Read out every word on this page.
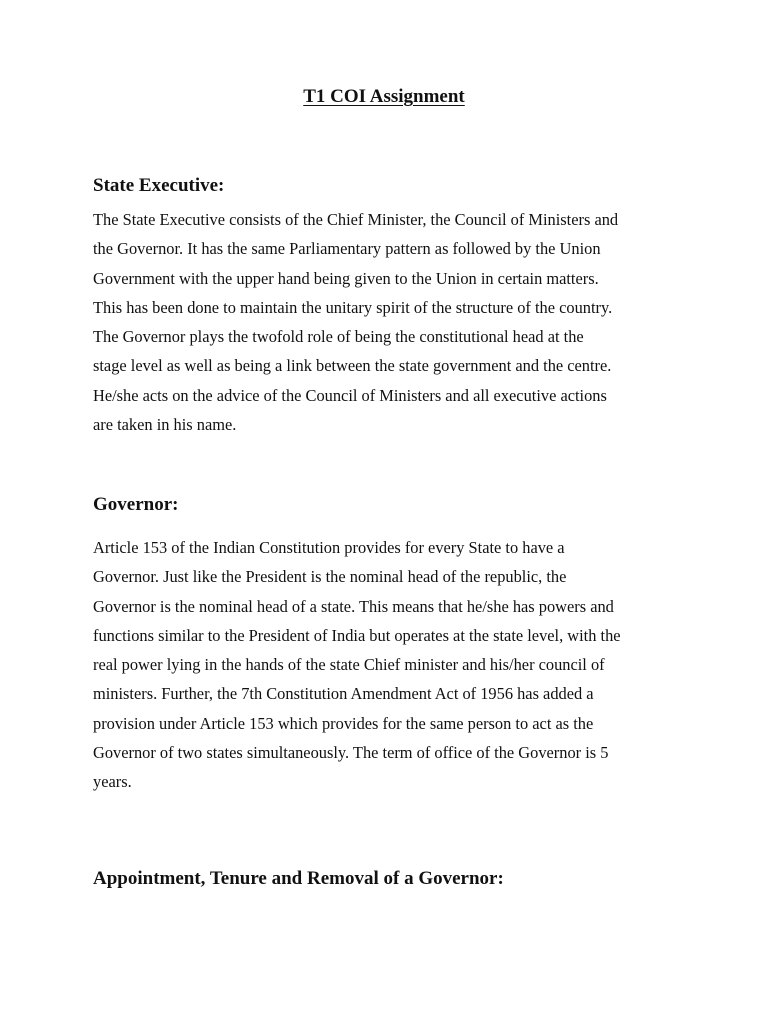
T1 COI Assignment
State Executive:
The State Executive consists of the Chief Minister, the Council of Ministers and
the Governor. It has the same Parliamentary pattern as followed by the Union
Government with the upper hand being given to the Union in certain matters.
This has been done to maintain the unitary spirit of the structure of the country.
The Governor plays the twofold role of being the constitutional head at the
stage level as well as being a link between the state government and the centre.
He/she acts on the advice of the Council of Ministers and all executive actions
are taken in his name.
Governor:
Article 153 of the Indian Constitution provides for every State to have a
Governor. Just like the President is the nominal head of the republic, the
Governor is the nominal head of a state. This means that he/she has powers and
functions similar to the President of India but operates at the state level, with the
real power lying in the hands of the state Chief minister and his/her council of
ministers. Further, the 7th Constitution Amendment Act of 1956 has added a
provision under Article 153 which provides for the same person to act as the
Governor of two states simultaneously. The term of office of the Governor is 5
years.
Appointment, Tenure and Removal of a Governor:
